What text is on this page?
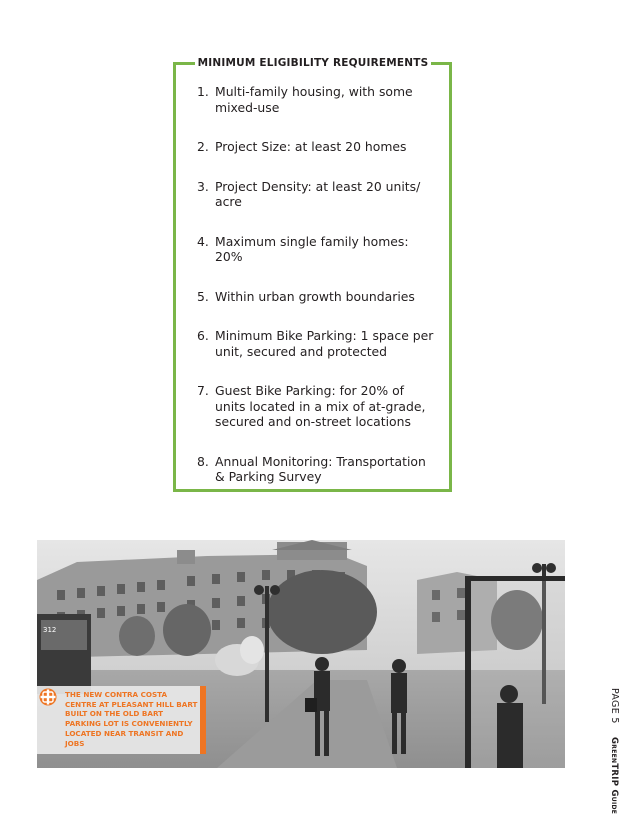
MINIMUM ELIGIBILITY REQUIREMENTS
1. Multi-family housing, with some mixed-use
2. Project Size: at least 20 homes
3. Project Density: at least 20 units/ acre
4. Maximum single family homes: 20%
5. Within urban growth boundaries
6. Minimum Bike Parking: 1 space per unit, secured and protected
7. Guest Bike Parking: for 20% of units located in a mix of at-grade, secured and on-street locations
8. Annual Monitoring: Transportation & Parking Survey
312
THE NEW CONTRA COSTA CENTRE AT PLEASANT HILL BART BUILT ON THE OLD BART PARKING LOT IS CONVENIENTLY LOCATED NEAR TRANSIT AND JOBS
PAGE 5 GreenTRIP Guide
